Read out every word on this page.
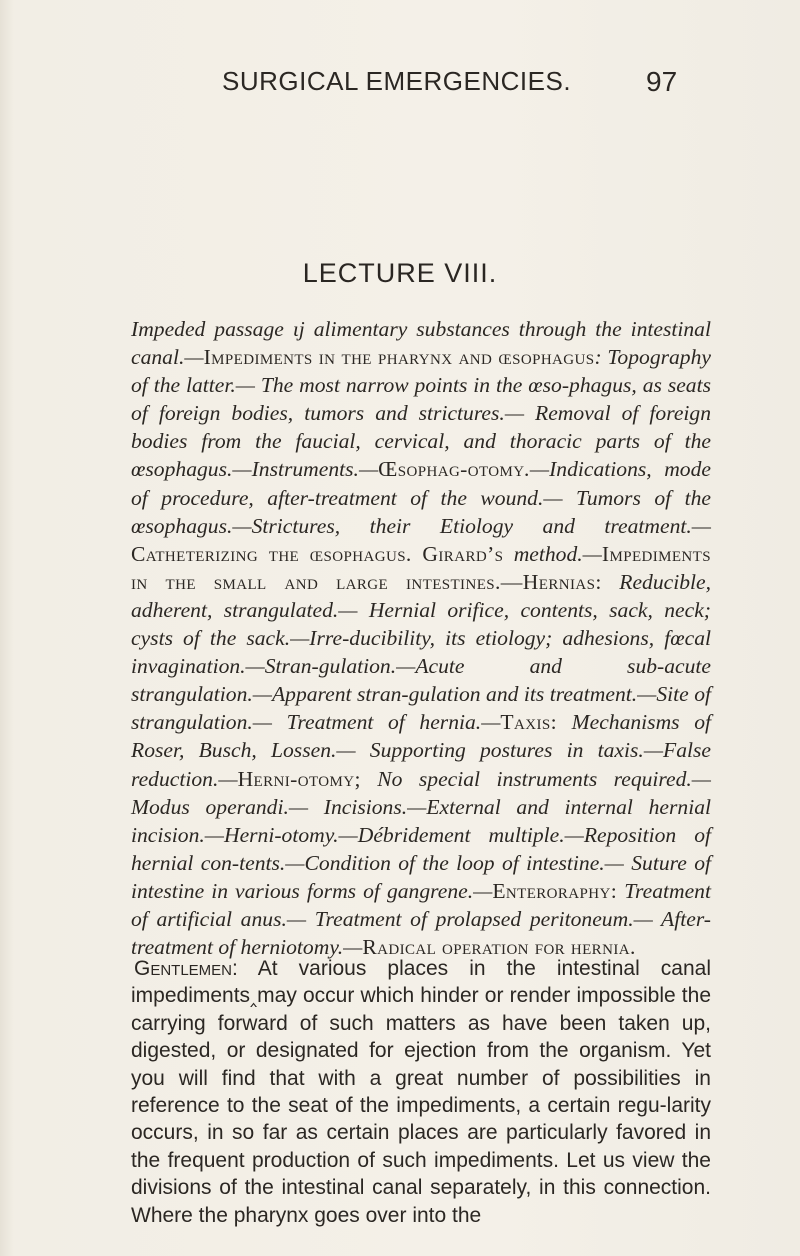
SURGICAL EMERGENCIES.	97
LECTURE VIII.
Impeded passage ɩj alimentary substances through the intestinal canal.—Impediments in the pharynx and œsophagus: Topography of the latter.— The most narrow points in the œso-phagus, as seats of foreign bodies, tumors and strictures.— Removal of foreign bodies from the faucial, cervical, and thoracic parts of the œsophagus.—Instruments.—Œsophag-otomy.—Indications, mode of procedure, after-treatment of the wound.— Tumors of the œsophagus.—Strictures, their Etiology and treatment.—Catheterizing the œsophagus. Girard’s method.—Impediments in the small and large intestines.—Hernias: Reducible, adherent, strangulated.— Hernial orifice, contents, sack, neck; cysts of the sack.—Irre-ducibility, its etiology; adhesions, fœcal invagination.—Stran-gulation.—Acute and sub-acute strangulation.—Apparent stran-gulation and its treatment.—Site of strangulation.— Treatment of hernia.—Taxis: Mechanisms of Roser, Busch, Lossen.— Supporting postures in taxis.—False reduction.—Herni-otomy; No special instruments required.—Modus operandi.— Incisions.—External and internal hernial incision.—Herni-otomy.—Débridement multiple.—Reposition of hernial con-tents.—Condition of the loop of intestine.— Suture of intestine in various forms of gangrene.—Enteroraphy: Treatment of artificial anus.— Treatment of prolapsed peritoneum.— After-treatment of herniotomy.—Radical operation for hernia.
Gentlemen: At various places in the intestinal canal impediments‸may occur which hinder or render impossible the carrying forward of such matters as have been taken up, digested, or designated for ejection from the organism. Yet you will find that with a great number of possibilities in reference to the seat of the impediments, a certain regu-larity occurs, in so far as certain places are particularly favored in the frequent production of such impediments. Let us view the divisions of the intestinal canal separately, in this connection. Where the pharynx goes over into the
